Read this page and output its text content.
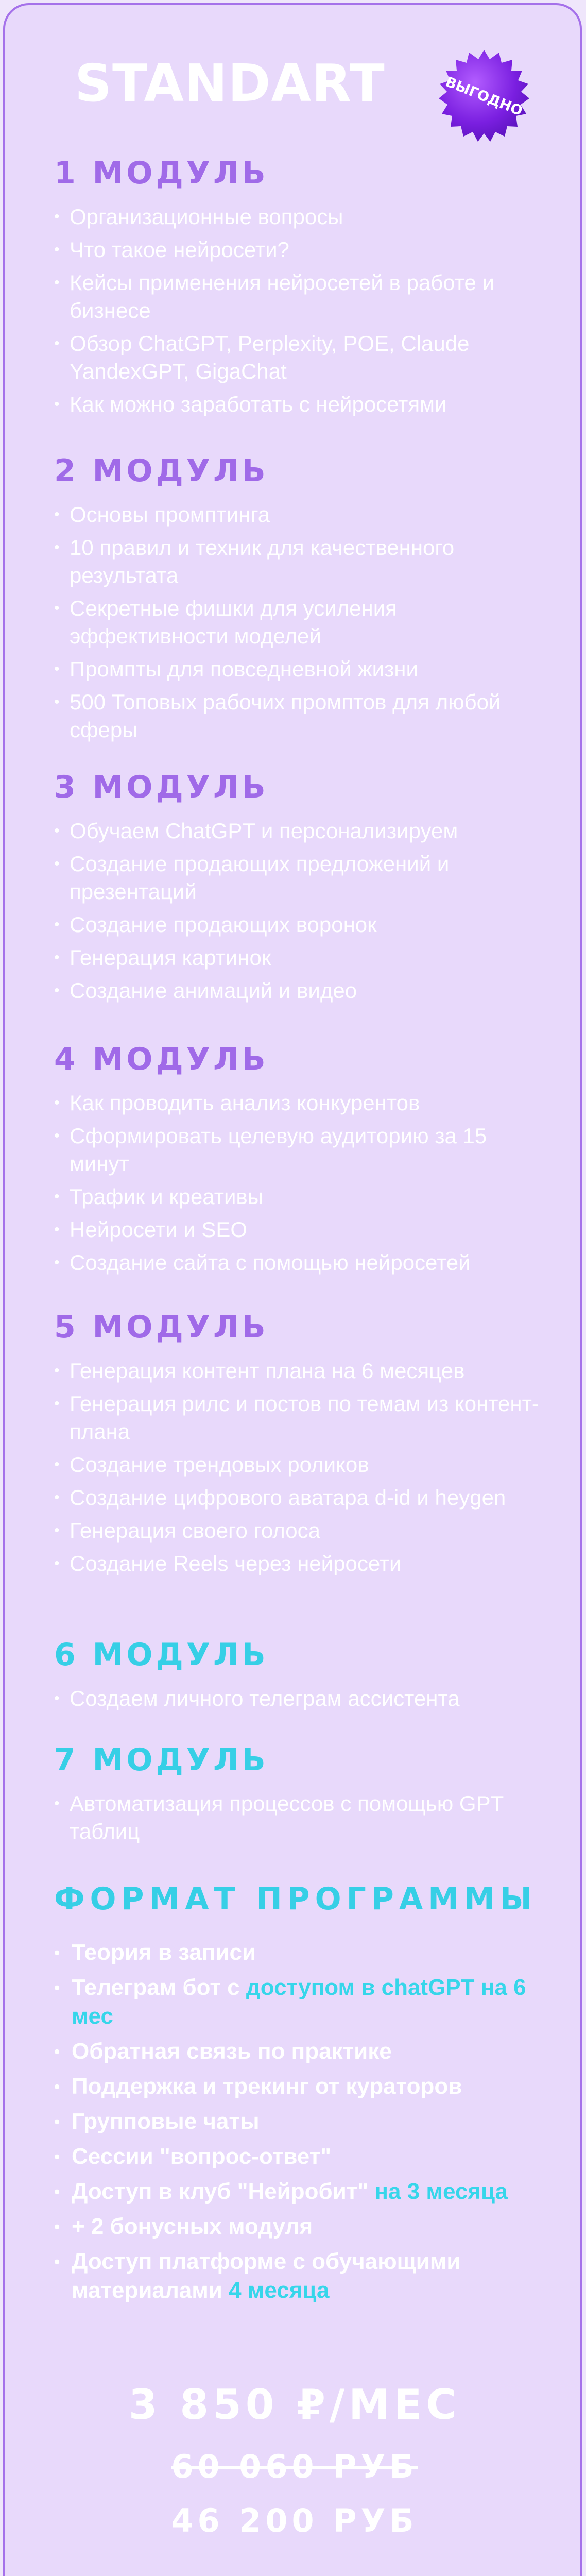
STANDART	ВЫГОДНО
1 МОДУЛЬ
• Организационные вопросы
• Что такое нейросети?
• Кейсы применения нейросетей в работе и бизнесе
• Обзор ChatGPT, Perplexity, POE, Claude YandexGPT, GigaChat
• Как можно заработать с нейросетями
2 МОДУЛЬ
• Основы промптинга
• 10 правил и техник для качественного результата
• Секретные фишки для усиления эффективности моделей
• Промпты для повседневной жизни
• 500 Топовых рабочих промптов для любой сферы
3 МОДУЛЬ
• Обучаем ChatGPT и персонализируем
• Создание продающих предложений и презентаций
• Создание продающих воронок
• Генерация картинок
• Создание анимаций и видео
4 МОДУЛЬ
• Как проводить анализ конкурентов
• Сформировать целевую аудиторию за 15 минут
• Трафик и креативы
• Нейросети и SEO
• Создание сайта с помощью нейросетей
5 МОДУЛЬ
• Генерация контент плана на 6 месяцев
• Генерация рилс и постов по темам из контент-плана
• Создание трендовых роликов
• Создание цифрового аватара d-id и heygen
• Генерация своего голоса
• Создание Reels через нейросети
6 МОДУЛЬ
• Создаем личного телеграм ассистента
7 МОДУЛЬ
• Автоматизация процессов с помощью GPT таблиц
ФОРМАТ ПРОГРАММЫ
• Теория в записи
• Телеграм бот с доступом в chatGPT на 6 мес
• Обратная связь по практике
• Поддержка и трекинг от кураторов
• Групповые чаты
• Сессии "вопрос-ответ"
• Доступ в клуб "Нейробит" на 3 месяца
• + 2 бонусных модуля
• Доступ платформе с обучающими материалами 4 месяца

3 850 ₽/МЕС

60 060 РУБ

46 200 РУБ
